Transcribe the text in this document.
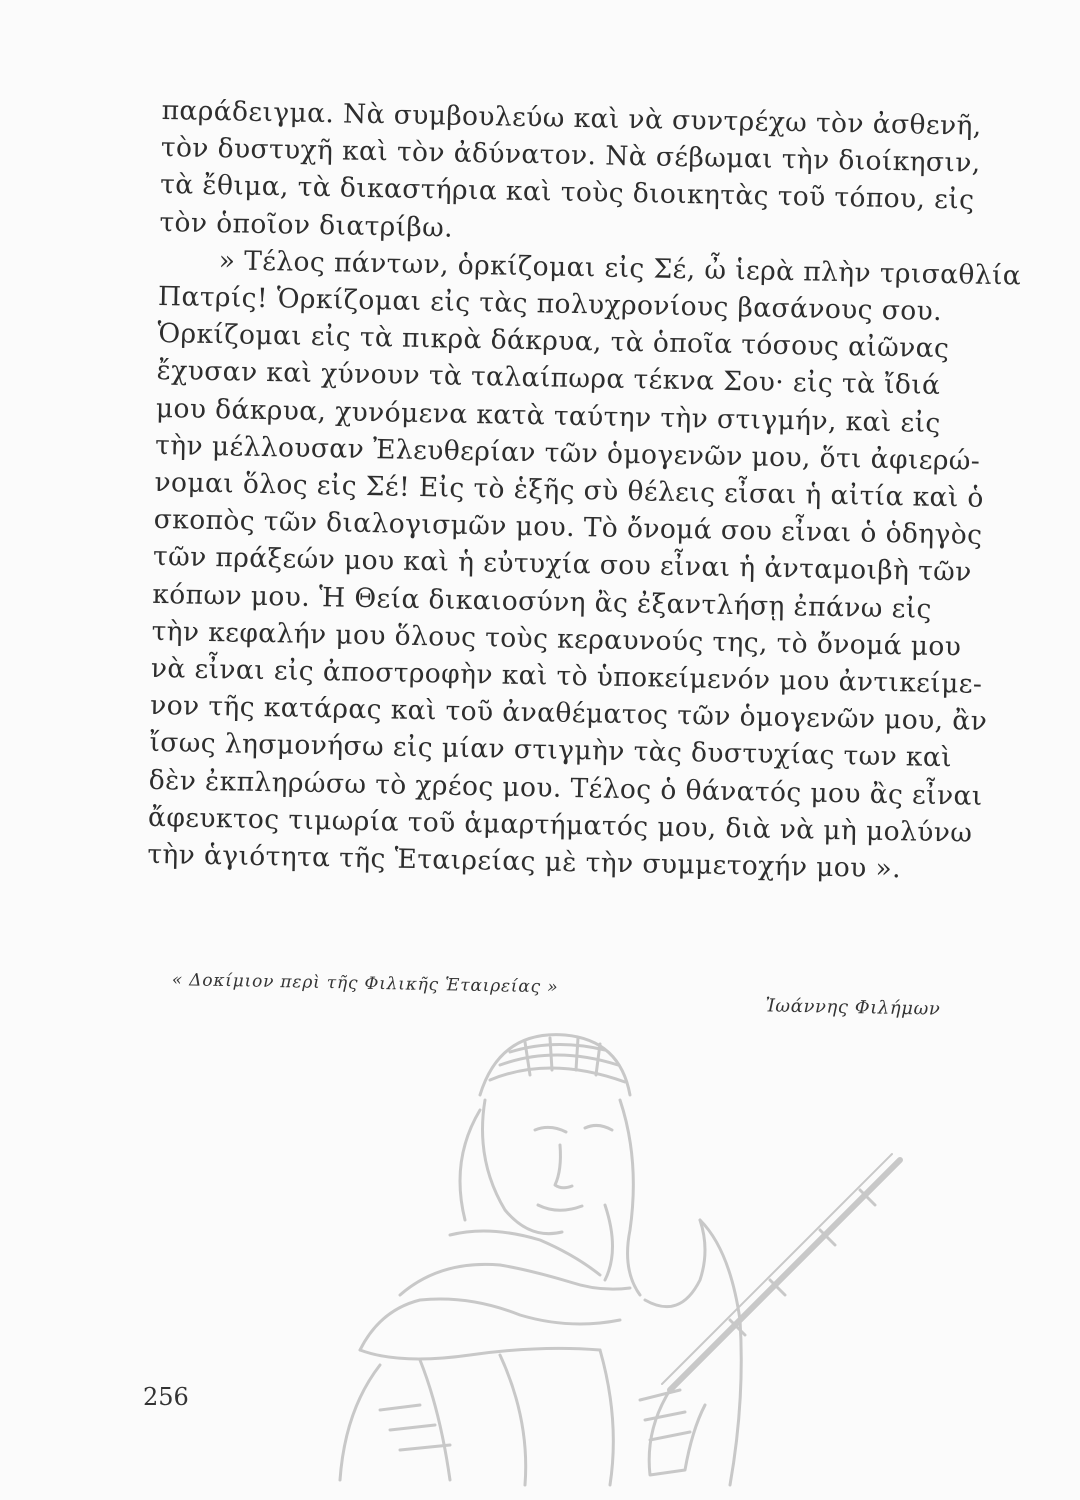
παράδειγμα. Νὰ συμβουλεύω καὶ νὰ συντρέχω τὸν ἀσθενῆ,
τὸν δυστυχῆ καὶ τὸν ἀδύνατον. Νὰ σέβωμαι τὴν διοίκησιν,
τὰ ἔθιμα, τὰ δικαστήρια καὶ τοὺς διοικητὰς τοῦ τόπου, εἰς
τὸν ὁποῖον διατρίβω.
» Τέλος πάντων, ὁρκίζομαι εἰς Σέ, ὦ ἱερὰ πλὴν τρισαθλία
Πατρίς! Ὁρκίζομαι εἰς τὰς πολυχρονίους βασάνους σου.
Ὁρκίζομαι εἰς τὰ πικρὰ δάκρυα, τὰ ὁποῖα τόσους αἰῶνας
ἔχυσαν καὶ χύνουν τὰ ταλαίπωρα τέκνα Σου· εἰς τὰ ἴδιά
μου δάκρυα, χυνόμενα κατὰ ταύτην τὴν στιγμήν, καὶ εἰς
τὴν μέλλουσαν Ἐλευθερίαν τῶν ὁμογενῶν μου, ὅτι ἀφιερώ-
νομαι ὅλος εἰς Σέ! Εἰς τὸ ἑξῆς σὺ θέλεις εἶσαι ἡ αἰτία καὶ ὁ
σκοπὸς τῶν διαλογισμῶν μου. Τὸ ὄνομά σου εἶναι ὁ ὁδηγὸς
τῶν πράξεών μου καὶ ἡ εὐτυχία σου εἶναι ἡ ἀνταμοιβὴ τῶν
κόπων μου. Ἡ Θεία δικαιοσύνη ἂς ἐξαντλήσῃ ἐπάνω εἰς
τὴν κεφαλήν μου ὅλους τοὺς κεραυνούς της, τὸ ὄνομά μου
νὰ εἶναι εἰς ἀποστροφὴν καὶ τὸ ὑποκείμενόν μου ἀντικείμε-
νον τῆς κατάρας καὶ τοῦ ἀναθέματος τῶν ὁμογενῶν μου, ἂν
ἴσως λησμονήσω εἰς μίαν στιγμὴν τὰς δυστυχίας των καὶ
δὲν ἐκπληρώσω τὸ χρέος μου. Τέλος ὁ θάνατός μου ἂς εἶναι
ἄφευκτος τιμωρία τοῦ ἁμαρτήματός μου, διὰ νὰ μὴ μολύνω
τὴν ἁγιότητα τῆς Ἑταιρείας μὲ τὴν συμμετοχήν μου ».
« Δοκίμιον περὶ τῆς Φιλικῆς Ἑταιρείας »
Ἰωάννης Φιλήμων
256
